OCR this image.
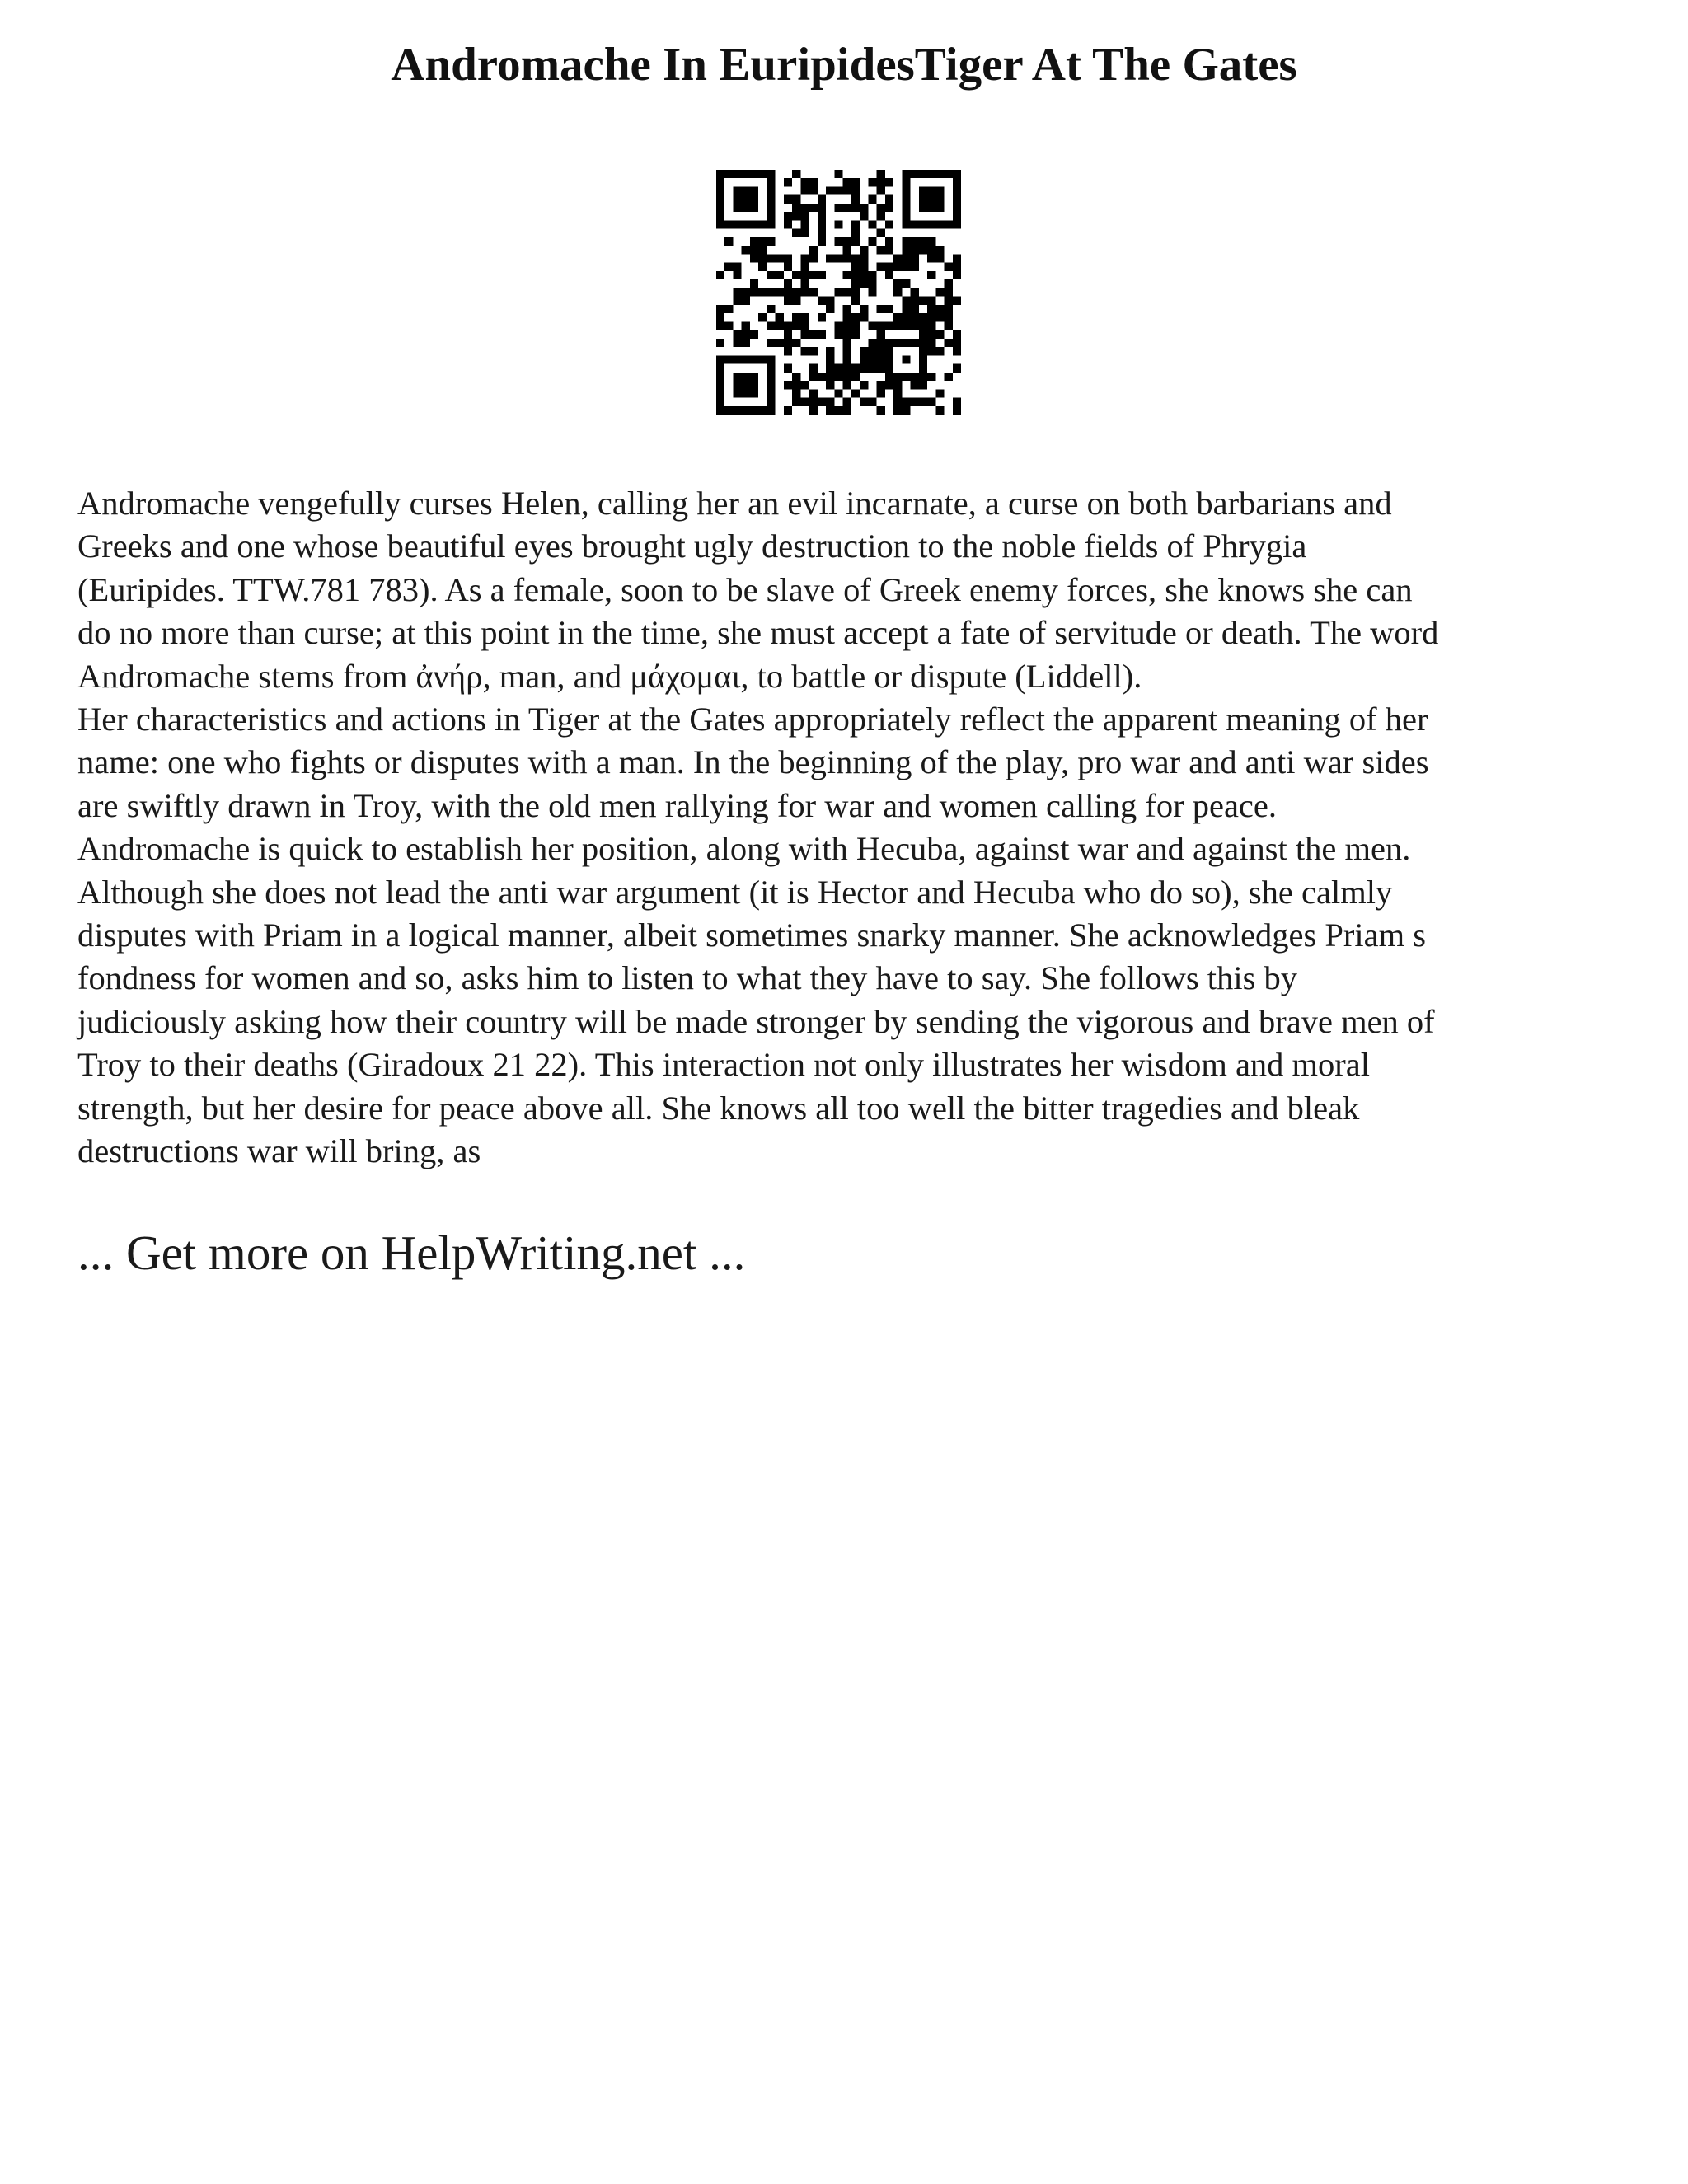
Andromache In EuripidesTiger At The Gates

Andromache vengefully curses Helen, calling her an evil incarnate, a curse on both barbarians and
Greeks and one whose beautiful eyes brought ugly destruction to the noble fields of Phrygia
(Euripides. TTW.781 783). As a female, soon to be slave of Greek enemy forces, she knows she can
do no more than curse; at this point in the time, she must accept a fate of servitude or death. The word
Andromache stems from ἀνήρ, man, and μάχομαι, to battle or dispute (Liddell).

Her characteristics and actions in Tiger at the Gates appropriately reflect the apparent meaning of her
name: one who fights or disputes with a man. In the beginning of the play, pro war and anti war sides
are swiftly drawn in Troy, with the old men rallying for war and women calling for peace.
Andromache is quick to establish her position, along with Hecuba, against war and against the men.
Although she does not lead the anti war argument (it is Hector and Hecuba who do so), she calmly
disputes with Priam in a logical manner, albeit sometimes snarky manner. She acknowledges Priam s
fondness for women and so, asks him to listen to what they have to say. She follows this by
judiciously asking how their country will be made stronger by sending the vigorous and brave men of
Troy to their deaths (Giradoux 21 22). This interaction not only illustrates her wisdom and moral
strength, but her desire for peace above all. She knows all too well the bitter tragedies and bleak
destructions war will bring, as

... Get more on HelpWriting.net ...
